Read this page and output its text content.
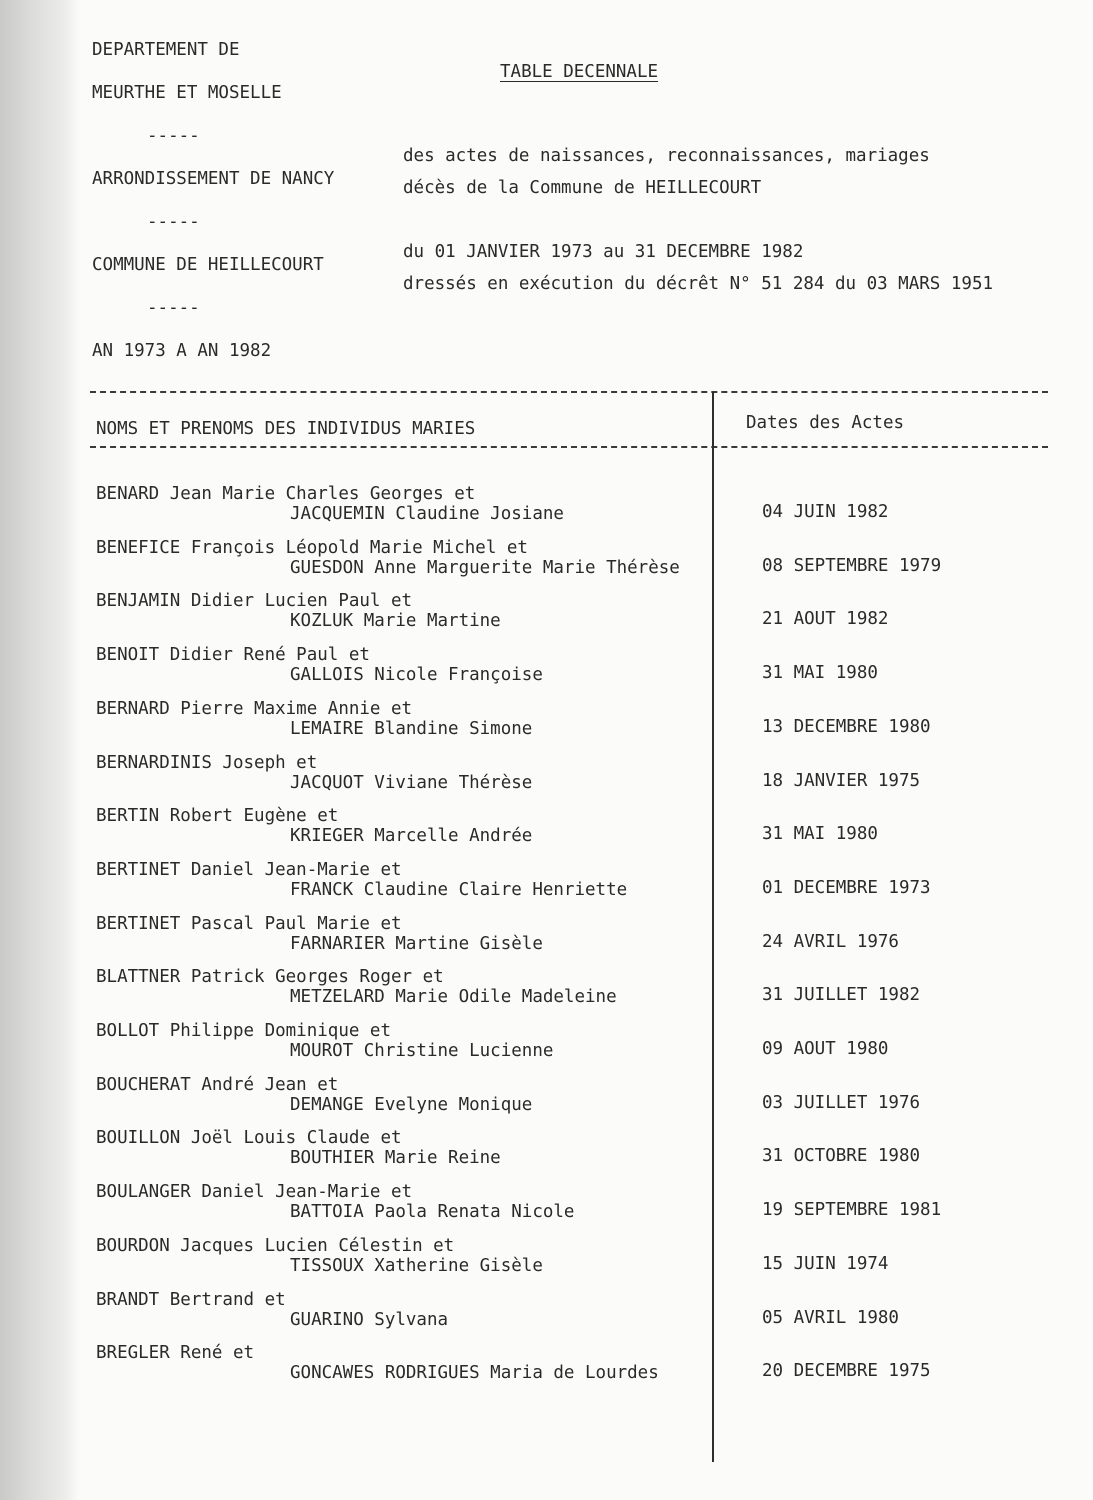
DEPARTEMENT DE
MEURTHE ET MOSELLE
-----
ARRONDISSEMENT DE NANCY
-----
COMMUNE DE HEILLECOURT
-----
AN 1973 A AN 1982
TABLE DECENNALE
des actes de naissances, reconnaissances, mariages
décès de la Commune de HEILLECOURT
du 01 JANVIER 1973 au 31 DECEMBRE 1982
dressés en exécution du décrêt N° 51 284 du 03 MARS 1951
NOMS ET PRENOMS DES INDIVIDUS MARIES	Dates des Actes
BENARD Jean Marie Charles Georges et
JACQUEMIN Claudine Josiane	04 JUIN 1982
BENEFICE François Léopold Marie Michel et
GUESDON Anne Marguerite Marie Thérèse	08 SEPTEMBRE 1979
BENJAMIN Didier Lucien Paul et
KOZLUK Marie Martine	21 AOUT 1982
BENOIT Didier René Paul et
GALLOIS Nicole Françoise	31 MAI 1980
BERNARD Pierre Maxime Annie et
LEMAIRE Blandine Simone	13 DECEMBRE 1980
BERNARDINIS Joseph et
JACQUOT Viviane Thérèse	18 JANVIER 1975
BERTIN Robert Eugène et
KRIEGER Marcelle Andrée	31 MAI 1980
BERTINET Daniel Jean-Marie et
FRANCK Claudine Claire Henriette	01 DECEMBRE 1973
BERTINET Pascal Paul Marie et
FARNARIER Martine Gisèle	24 AVRIL 1976
BLATTNER Patrick Georges Roger et
METZELARD Marie Odile Madeleine	31 JUILLET 1982
BOLLOT Philippe Dominique et
MOUROT Christine Lucienne	09 AOUT 1980
BOUCHERAT André Jean et
DEMANGE Evelyne Monique	03 JUILLET 1976
BOUILLON Joël Louis Claude et
BOUTHIER Marie Reine	31 OCTOBRE 1980
BOULANGER Daniel Jean-Marie et
BATTOIA Paola Renata Nicole	19 SEPTEMBRE 1981
BOURDON Jacques Lucien Célestin et
TISSOUX Xatherine Gisèle	15 JUIN 1974
BRANDT Bertrand et
GUARINO Sylvana	05 AVRIL 1980
BREGLER René et
GONCAWES RODRIGUES Maria de Lourdes	20 DECEMBRE 1975
